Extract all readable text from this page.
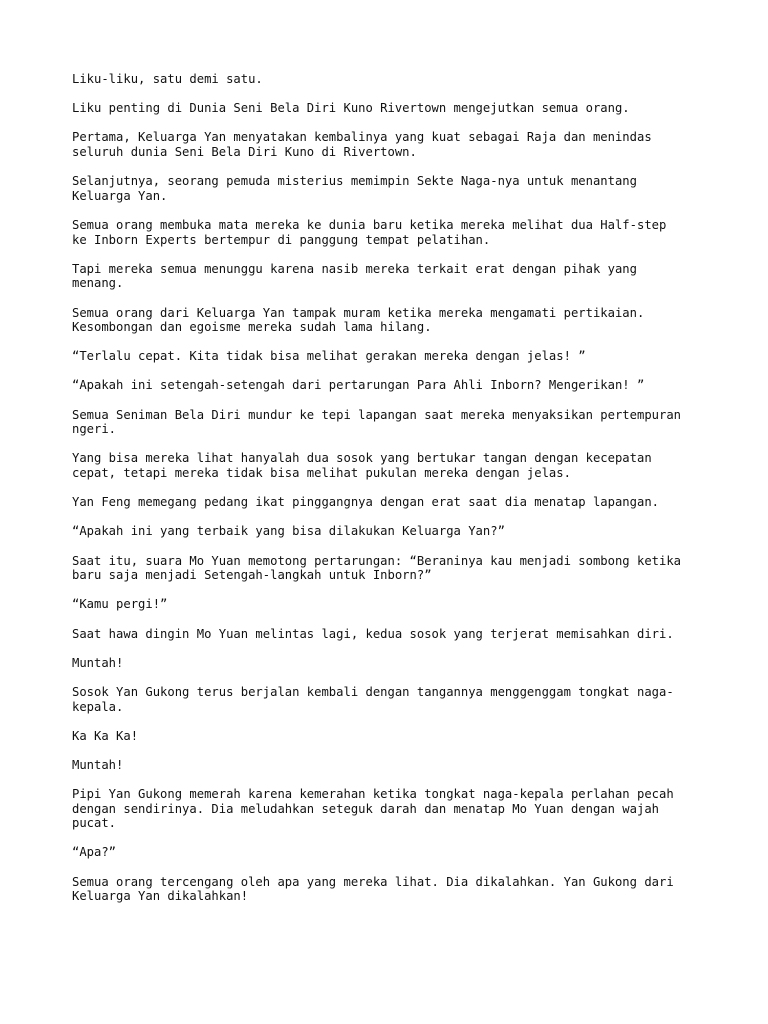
Liku-liku, satu demi satu.

Liku penting di Dunia Seni Bela Diri Kuno Rivertown mengejutkan semua orang.

Pertama, Keluarga Yan menyatakan kembalinya yang kuat sebagai Raja dan menindas
seluruh dunia Seni Bela Diri Kuno di Rivertown.

Selanjutnya, seorang pemuda misterius memimpin Sekte Naga-nya untuk menantang
Keluarga Yan.

Semua orang membuka mata mereka ke dunia baru ketika mereka melihat dua Half-step
ke Inborn Experts bertempur di panggung tempat pelatihan.

Tapi mereka semua menunggu karena nasib mereka terkait erat dengan pihak yang
menang.

Semua orang dari Keluarga Yan tampak muram ketika mereka mengamati pertikaian.
Kesombongan dan egoisme mereka sudah lama hilang.

“Terlalu cepat. Kita tidak bisa melihat gerakan mereka dengan jelas! ”

“Apakah ini setengah-setengah dari pertarungan Para Ahli Inborn? Mengerikan! ”

Semua Seniman Bela Diri mundur ke tepi lapangan saat mereka menyaksikan pertempuran
ngeri.

Yang bisa mereka lihat hanyalah dua sosok yang bertukar tangan dengan kecepatan
cepat, tetapi mereka tidak bisa melihat pukulan mereka dengan jelas.

Yan Feng memegang pedang ikat pinggangnya dengan erat saat dia menatap lapangan.

“Apakah ini yang terbaik yang bisa dilakukan Keluarga Yan?”

Saat itu, suara Mo Yuan memotong pertarungan: “Beraninya kau menjadi sombong ketika
baru saja menjadi Setengah-langkah untuk Inborn?”

“Kamu pergi!”

Saat hawa dingin Mo Yuan melintas lagi, kedua sosok yang terjerat memisahkan diri.

Muntah!

Sosok Yan Gukong terus berjalan kembali dengan tangannya menggenggam tongkat naga-
kepala.

Ka Ka Ka!

Muntah!

Pipi Yan Gukong memerah karena kemerahan ketika tongkat naga-kepala perlahan pecah
dengan sendirinya. Dia meludahkan seteguk darah dan menatap Mo Yuan dengan wajah
pucat.

“Apa?”

Semua orang tercengang oleh apa yang mereka lihat. Dia dikalahkan. Yan Gukong dari
Keluarga Yan dikalahkan!
